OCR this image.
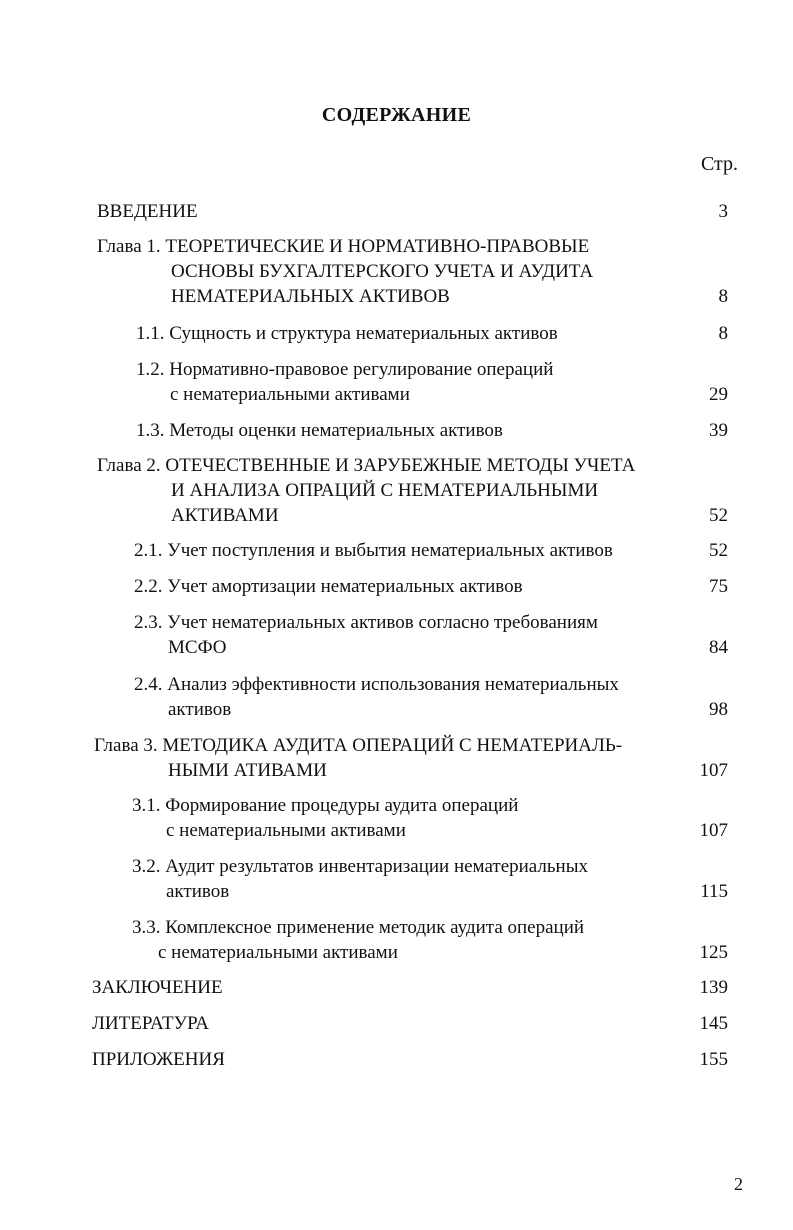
СОДЕРЖАНИЕ
Стр.
ВВЕДЕНИЕ	3
Глава 1. ТЕОРЕТИЧЕСКИЕ И НОРМАТИВНО-ПРАВОВЫЕ
ОСНОВЫ БУХГАЛТЕРСКОГО УЧЕТА И АУДИТА
НЕМАТЕРИАЛЬНЫХ АКТИВОВ	8
1.1. Сущность и структура нематериальных активов	8
1.2. Нормативно-правовое регулирование операций
с нематериальными активами	29
1.3. Методы оценки нематериальных активов	39
Глава 2. ОТЕЧЕСТВЕННЫЕ И ЗАРУБЕЖНЫЕ МЕТОДЫ УЧЕТА
И АНАЛИЗА ОПРАЦИЙ С НЕМАТЕРИАЛЬНЫМИ
АКТИВАМИ	52
2.1. Учет поступления и выбытия нематериальных активов	52
2.2. Учет амортизации нематериальных активов	75
2.3. Учет нематериальных активов согласно требованиям
МСФО	84
2.4. Анализ эффективности использования нематериальных
активов	98
Глава 3. МЕТОДИКА АУДИТА ОПЕРАЦИЙ С НЕМАТЕРИАЛЬ-
НЫМИ АТИВАМИ	107
3.1. Формирование процедуры аудита операций
с нематериальными активами	107
3.2. Аудит результатов инвентаризации нематериальных
активов	115
3.3. Комплексное применение методик аудита операций
с нематериальными активами	125
ЗАКЛЮЧЕНИЕ	139
ЛИТЕРАТУРА	145
ПРИЛОЖЕНИЯ	155
2
